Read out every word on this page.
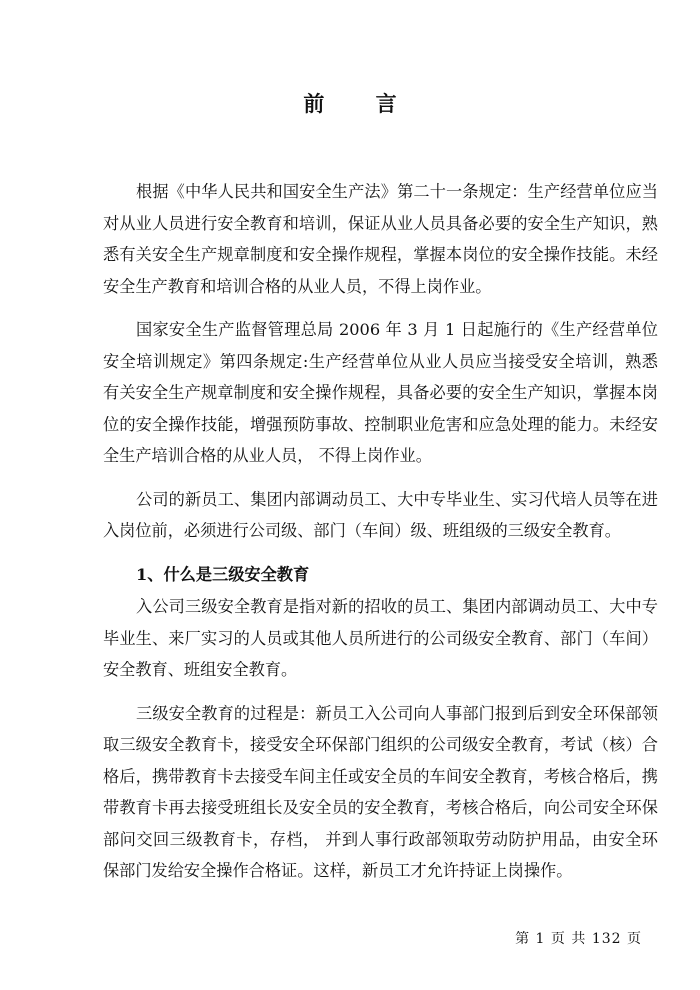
前 言

根据《中华人民共和国安全生产法》第二十一条规定：生产经营单位应当对从业人员进行安全教育和培训，保证从业人员具备必要的安全生产知识，熟悉有关安全生产规章制度和安全操作规程，掌握本岗位的安全操作技能。未经安全生产教育和培训合格的从业人员，不得上岗作业。

国家安全生产监督管理总局 2006 年 3 月 1 日起施行的《生产经营单位安全培训规定》第四条规定:生产经营单位从业人员应当接受安全培训，熟悉有关安全生产规章制度和安全操作规程，具备必要的安全生产知识，掌握本岗位的安全操作技能，增强预防事故、控制职业危害和应急处理的能力。未经安全生产培训合格的从业人员， 不得上岗作业。

公司的新员工、集团内部调动员工、大中专毕业生、实习代培人员等在进入岗位前，必须进行公司级、部门（车间）级、班组级的三级安全教育。

1、什么是三级安全教育

入公司三级安全教育是指对新的招收的员工、集团内部调动员工、大中专毕业生、来厂实习的人员或其他人员所进行的公司级安全教育、部门（车间）安全教育、班组安全教育。

三级安全教育的过程是：新员工入公司向人事部门报到后到安全环保部领取三级安全教育卡，接受安全环保部门组织的公司级安全教育，考试（核）合格后，携带教育卡去接受车间主任或安全员的车间安全教育，考核合格后，携带教育卡再去接受班组长及安全员的安全教育，考核合格后，向公司安全环保部问交回三级教育卡，存档， 并到人事行政部领取劳动防护用品，由安全环保部门发给安全操作合格证。这样，新员工才允许持证上岗操作。

第 1 页 共 132 页
